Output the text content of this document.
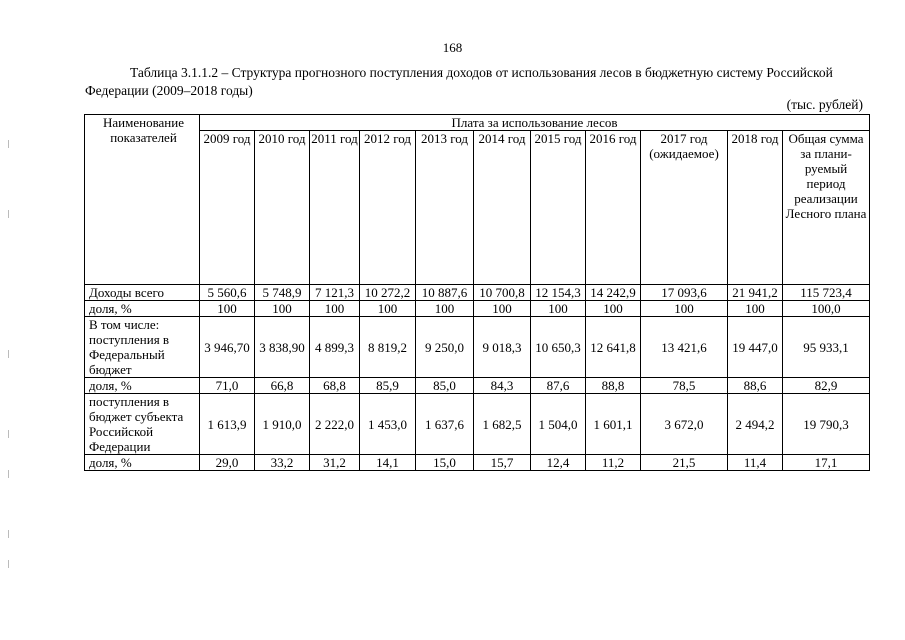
168
Таблица 3.1.1.2 – Структура прогнозного поступления доходов от использования лесов в бюджетную систему Российской Федерации (2009–2018 годы)
(тыс. рублей)
Наименование показателей	Плата за использование лесов										
	2009 год	2010 год	2011 год	2012 год	2013 год	2014 год	2015 год	2016 год	2017 год (ожидаемое)	2018 год	Общая сумма за плани-руемый период реализации Лесного плана
Доходы всего	5 560,6	5 748,9	7 121,3	10 272,2	10 887,6	10 700,8	12 154,3	14 242,9	17 093,6	21 941,2	115 723,4
доля, %	100	100	100	100	100	100	100	100	100	100	100,0
В том числе: поступления в Федеральный бюджет	3 946,70	3 838,90	4 899,3	8 819,2	9 250,0	9 018,3	10 650,3	12 641,8	13 421,6	19 447,0	95 933,1
доля, %	71,0	66,8	68,8	85,9	85,0	84,3	87,6	88,8	78,5	88,6	82,9
поступления в бюджет субъекта Российской Федерации	1 613,9	1 910,0	2 222,0	1 453,0	1 637,6	1 682,5	1 504,0	1 601,1	3 672,0	2 494,2	19 790,3
доля, %	29,0	33,2	31,2	14,1	15,0	15,7	12,4	11,2	21,5	11,4	17,1
